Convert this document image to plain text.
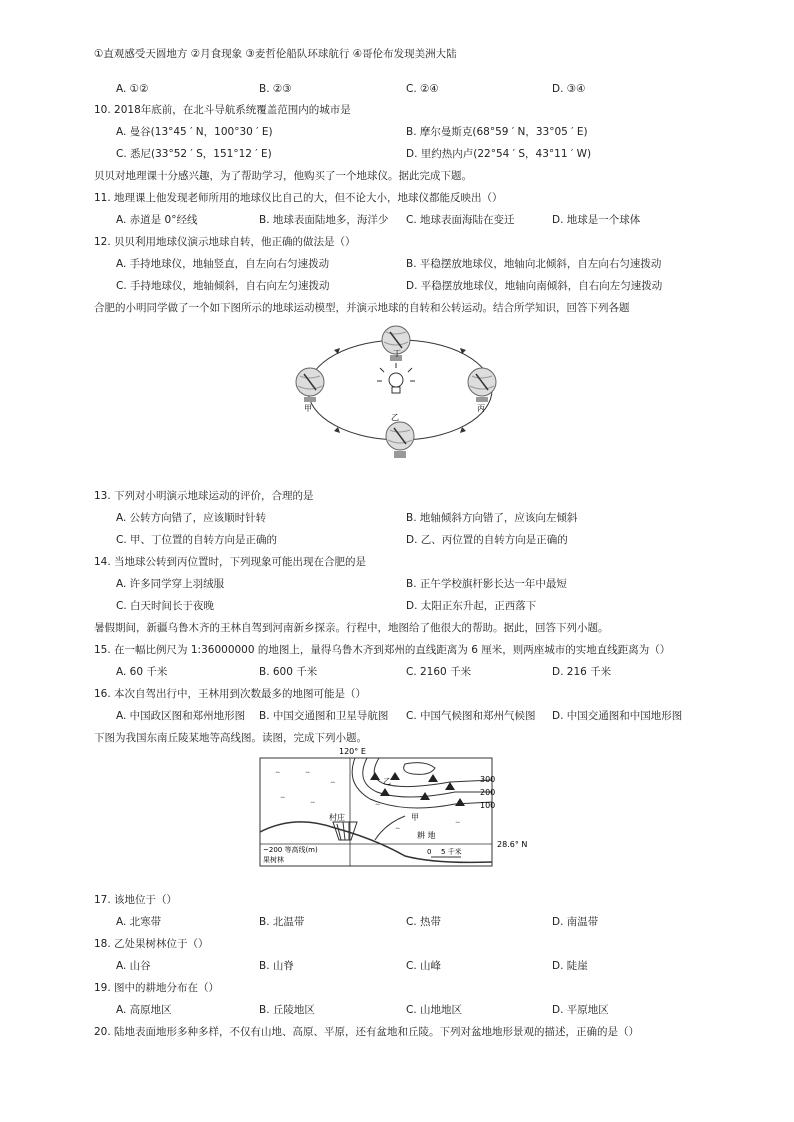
①直观感受天圆地方 ②月食现象 ③麦哲伦船队环球航行 ④哥伦布发现美洲大陆
A. ①②	B. ②③	C. ②④	D. ③④
10. 2018年底前，在北斗导航系统覆盖范围内的城市是
A. 曼谷(13°45 ′ N，100°30 ′ E)	B. 摩尔曼斯克(68°59 ′ N，33°05 ′ E)
C. 悉尼(33°52 ′ S，151°12 ′ E)	D. 里约热内卢(22°54 ′ S，43°11 ′ W)
贝贝对地理课十分感兴趣，为了帮助学习，他购买了一个地球仪。据此完成下题。
11. 地理课上他发现老师所用的地球仪比自己的大，但不论大小，地球仪都能反映出（）
A. 赤道是 0°经线	B. 地球表面陆地多，海洋少 C. 地球表面海陆在变迁	D. 地球是一个球体
12. 贝贝利用地球仪演示地球自转，他正确的做法是（）
A. 手持地球仪，地轴竖直，自左向右匀速拨动	B. 平稳摆放地球仪，地轴向北倾斜，自左向右匀速拨动
C. 手持地球仪，地轴倾斜，自右向左匀速拨动	D. 平稳摆放地球仪，地轴向南倾斜，自右向左匀速拨动
合肥的小明同学做了一个如下图所示的地球运动模型，并演示地球的自转和公转运动。结合所学知识，回答下列各题
丁
甲	丙
乙
13. 下列对小明演示地球运动的评价，合理的是
A. 公转方向错了，应该顺时针转	B. 地轴倾斜方向错了，应该向左倾斜
C. 甲、丁位置的自转方向是正确的	D. 乙、丙位置的自转方向是正确的
14. 当地球公转到丙位置时，下列现象可能出现在合肥的是
A. 许多同学穿上羽绒服	B. 正午学校旗杆影长达一年中最短
C. 白天时间长于夜晚	D. 太阳正东升起，正西落下
暑假期间，新疆乌鲁木齐的王林自驾到河南新乡探亲。行程中，地图给了他很大的帮助。据此，回答下列小题。
15. 在一幅比例尺为 1:36000000 的地图上，量得乌鲁木齐到郑州的直线距离为 6 厘米，则两座城市的实地直线距离为（）
A. 60 千米	B. 600 千米	C. 2160 千米	D. 216 千米
16. 本次自驾出行中，王林用到次数最多的地图可能是（）
A. 中国政区图和郑州地形图 B. 中国交通图和卫星导航图 C. 中国气候图和郑州气候图 D. 中国交通图和中国地形图
下图为我国东南丘陵某地等高线图。读图，完成下列小题。
120° E
28.6° N
村庄
乙
甲
耕 地
300
200
100
~200 等高线(m)
果树林
0 5 千米
ꕀ	ꕀ
ꕀ
ꕀ
ꕀ	ꕀ
ꕀ
ꕀ
17. 该地位于（）
A. 北寒带	B. 北温带	C. 热带	D. 南温带
18. 乙处果树林位于（）
A. 山谷	B. 山脊	C. 山峰	D. 陡崖
19. 图中的耕地分布在（）
A. 高原地区	B. 丘陵地区	C. 山地地区	D. 平原地区
20. 陆地表面地形多种多样，不仅有山地、高原、平原，还有盆地和丘陵。下列对盆地地形景观的描述，正确的是（）
